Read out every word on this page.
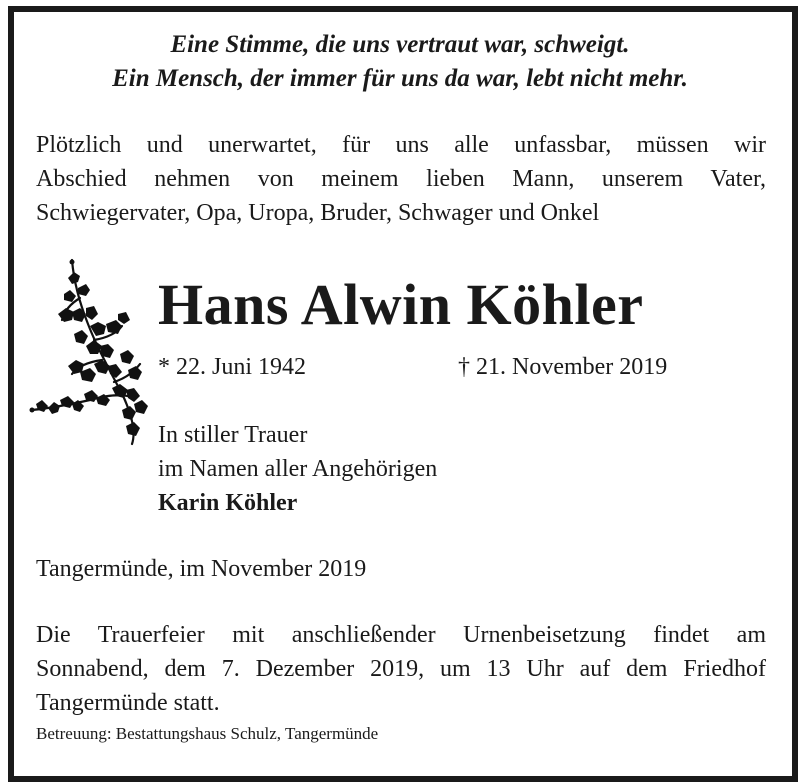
Eine Stimme, die uns vertraut war, schweigt.
Ein Mensch, der immer für uns da war, lebt nicht mehr.
Plötzlich und unerwartet, für uns alle unfassbar, müssen wir
Abschied nehmen von meinem lieben Mann, unserem Vater,
Schwiegervater, Opa, Uropa, Bruder, Schwager und Onkel
Hans Alwin Köhler
* 22. Juni 1942	† 21. November 2019
In stiller Trauer
im Namen aller Angehörigen
Karin Köhler
Tangermünde, im November 2019
Die Trauerfeier mit anschließender Urnenbeisetzung findet am
Sonnabend, dem 7. Dezember 2019, um 13 Uhr auf dem Friedhof
Tangermünde statt.
Betreuung: Bestattungshaus Schulz, Tangermünde
